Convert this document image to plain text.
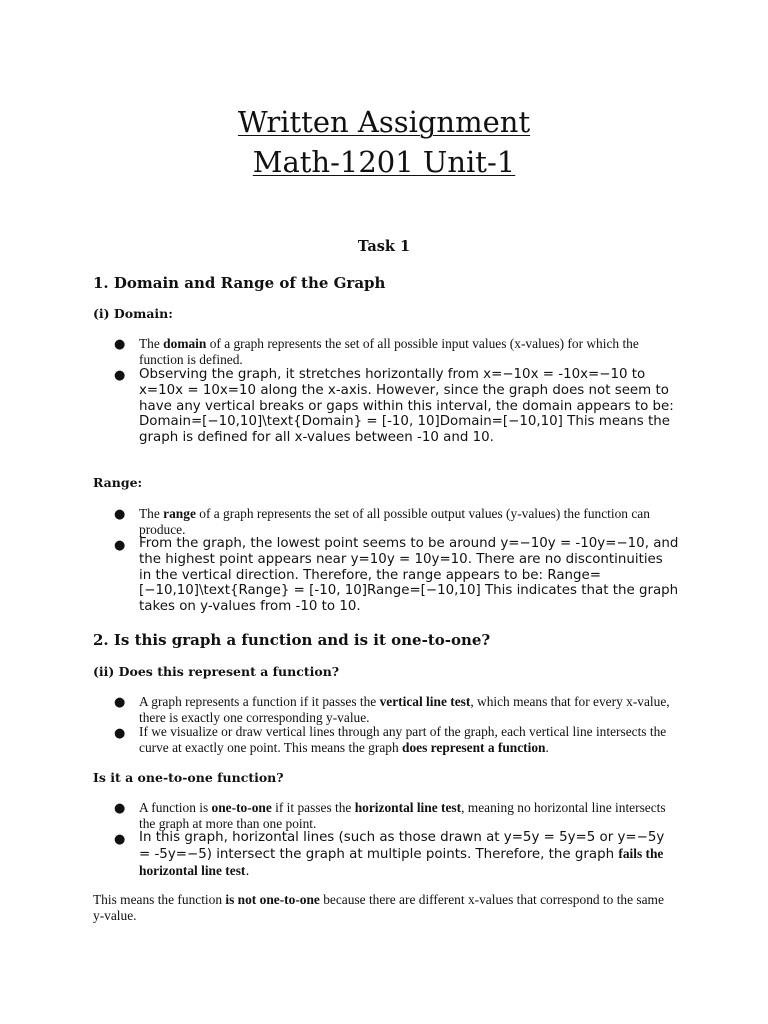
Written Assignment
Math-1201 Unit-1
Task 1
1. Domain and Range of the Graph
(i) Domain:
● The domain of a graph represents the set of all possible input values (x-values) for which the function is defined.
● Observing the graph, it stretches horizontally from x=−10x = -10x=−10 to x=10x = 10x=10 along the x-axis. However, since the graph does not seem to have any vertical breaks or gaps within this interval, the domain appears to be: Domain=[−10,10]\text{Domain} = [-10, 10]Domain=[−10,10] This means the graph is defined for all x-values between -10 and 10.
Range:
● The range of a graph represents the set of all possible output values (y-values) the function can produce.
● From the graph, the lowest point seems to be around y=−10y = -10y=−10, and the highest point appears near y=10y = 10y=10. There are no discontinuities in the vertical direction. Therefore, the range appears to be: Range=[−10,10]\text{Range} = [-10, 10]Range=[−10,10] This indicates that the graph takes on y-values from -10 to 10.
2. Is this graph a function and is it one-to-one?
(ii) Does this represent a function?
● A graph represents a function if it passes the vertical line test, which means that for every x-value, there is exactly one corresponding y-value.
● If we visualize or draw vertical lines through any part of the graph, each vertical line intersects the curve at exactly one point. This means the graph does represent a function.
Is it a one-to-one function?
● A function is one-to-one if it passes the horizontal line test, meaning no horizontal line intersects the graph at more than one point.
● In this graph, horizontal lines (such as those drawn at y=5y = 5y=5 or y=−5y = -5y=−5) intersect the graph at multiple points. Therefore, the graph fails the horizontal line test.
This means the function is not one-to-one because there are different x-values that correspond to the same y-value.
